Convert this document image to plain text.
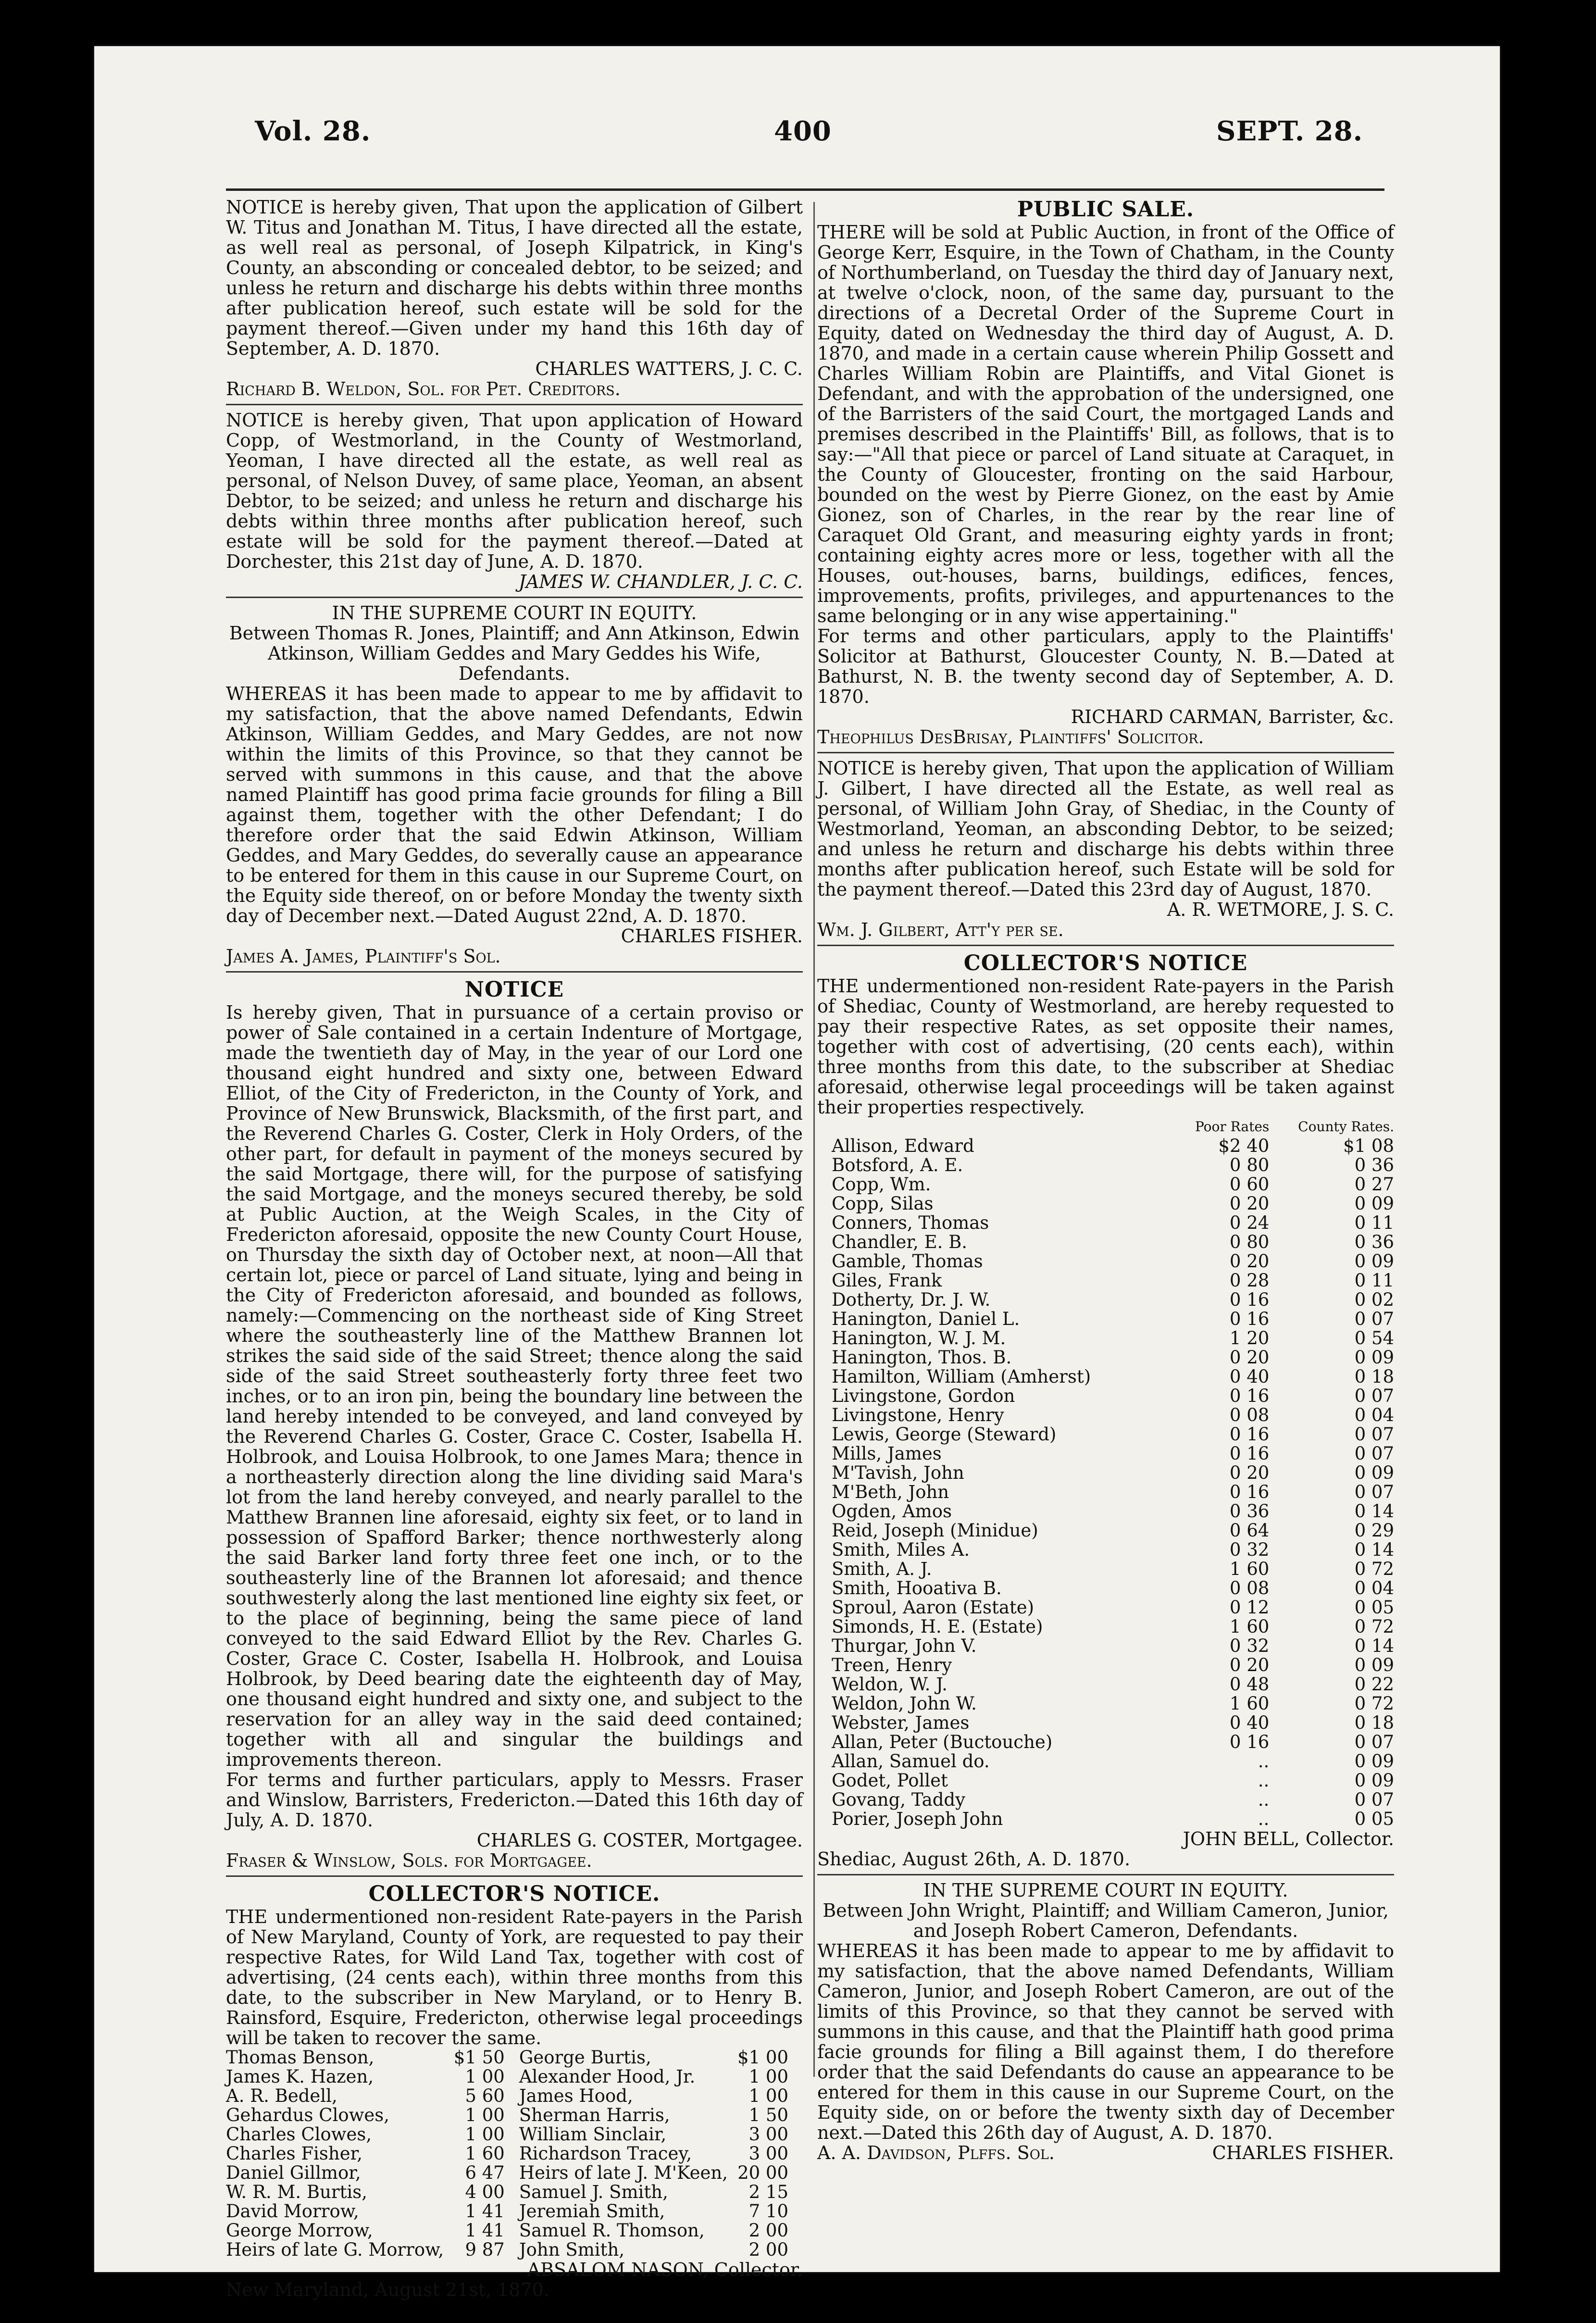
Vol. 28.	400	SEPT. 28.

NOTICE is hereby given, That upon the application of Gilbert W. Titus and Jonathan M. Titus, I have directed all the estate, as well real as personal, of Joseph Kilpatrick, in King's County, an absconding or concealed debtor, to be seized; and unless he return and discharge his debts within three months after publication hereof, such estate will be sold for the payment thereof.—Given under my hand this 16th day of September, A. D. 1870.

CHARLES WATTERS, J. C. C.

Richard B. Weldon, Sol. for Pet. Creditors.

NOTICE is hereby given, That upon application of Howard Copp, of Westmorland, in the County of Westmorland, Yeoman, I have directed all the estate, as well real as personal, of Nelson Duvey, of same place, Yeoman, an absent Debtor, to be seized; and unless he return and discharge his debts within three months after publication hereof, such estate will be sold for the payment thereof.—Dated at Dorchester, this 21st day of June, A. D. 1870.

JAMES W. CHANDLER, J. C. C.

IN THE SUPREME COURT IN EQUITY.

Between Thomas R. Jones, Plaintiff; and Ann Atkinson, Edwin Atkinson, William Geddes and Mary Geddes his Wife, Defendants.

WHEREAS it has been made to appear to me by affidavit to my satisfaction, that the above named Defendants, Edwin Atkinson, William Geddes, and Mary Geddes, are not now within the limits of this Province, so that they cannot be served with summons in this cause, and that the above named Plaintiff has good prima facie grounds for filing a Bill against them, together with the other Defendant; I do therefore order that the said Edwin Atkinson, William Geddes, and Mary Geddes, do severally cause an appearance to be entered for them in this cause in our Supreme Court, on the Equity side thereof, on or before Monday the twenty sixth day of December next.—Dated August 22nd, A. D. 1870.

CHARLES FISHER.

James A. James, Plaintiff's Sol.

NOTICE

Is hereby given, That in pursuance of a certain proviso or power of Sale contained in a certain Indenture of Mortgage, made the twentieth day of May, in the year of our Lord one thousand eight hundred and sixty one, between Edward Elliot, of the City of Fredericton, in the County of York, and Province of New Brunswick, Blacksmith, of the first part, and the Reverend Charles G. Coster, Clerk in Holy Orders, of the other part, for default in payment of the moneys secured by the said Mortgage, there will, for the purpose of satisfying the said Mortgage, and the moneys secured thereby, be sold at Public Auction, at the Weigh Scales, in the City of Fredericton aforesaid, opposite the new County Court House, on Thursday the sixth day of October next, at noon—All that certain lot, piece or parcel of Land situate, lying and being in the City of Fredericton aforesaid, and bounded as follows, namely:—Commencing on the northeast side of King Street where the southeasterly line of the Matthew Brannen lot strikes the said side of the said Street; thence along the said side of the said Street southeasterly forty three feet two inches, or to an iron pin, being the boundary line between the land hereby intended to be conveyed, and land conveyed by the Reverend Charles G. Coster, Grace C. Coster, Isabella H. Holbrook, and Louisa Holbrook, to one James Mara; thence in a northeasterly direction along the line dividing said Mara's lot from the land hereby conveyed, and nearly parallel to the Matthew Brannen line aforesaid, eighty six feet, or to land in possession of Spafford Barker; thence northwesterly along the said Barker land forty three feet one inch, or to the southeasterly line of the Brannen lot aforesaid; and thence southwesterly along the last mentioned line eighty six feet, or to the place of beginning, being the same piece of land conveyed to the said Edward Elliot by the Rev. Charles G. Coster, Grace C. Coster, Isabella H. Holbrook, and Louisa Holbrook, by Deed bearing date the eighteenth day of May, one thousand eight hundred and sixty one, and subject to the reservation for an alley way in the said deed contained; together with all and singular the buildings and improvements thereon.

For terms and further particulars, apply to Messrs. Fraser and Winslow, Barristers, Fredericton.—Dated this 16th day of July, A. D. 1870.

CHARLES G. COSTER, Mortgagee.

Fraser & Winslow, Sols. for Mortgagee.

COLLECTOR'S NOTICE.

THE undermentioned non-resident Rate-payers in the Parish of New Maryland, County of York, are requested to pay their respective Rates, for Wild Land Tax, together with cost of advertising, (24 cents each), within three months from this date, to the subscriber in New Maryland, or to Henry B. Rainsford, Esquire, Fredericton, otherwise legal proceedings will be taken to recover the same.

Thomas Benson,	$1 50	George Burtis,	$1 00
James K. Hazen,	1 00	Alexander Hood, Jr.	1 00
A. R. Bedell,	5 60	James Hood,	1 00
Gehardus Clowes,	1 00	Sherman Harris,	1 50
Charles Clowes,	1 00	William Sinclair,	3 00
Charles Fisher,	1 60	Richardson Tracey,	3 00
Daniel Gillmor,	6 47	Heirs of late J. M'Keen,	20 00
W. R. M. Burtis,	4 00	Samuel J. Smith,	2 15
David Morrow,	1 41	Jeremiah Smith,	7 10
George Morrow,	1 41	Samuel R. Thomson,	2 00
Heirs of late G. Morrow,	9 87	John Smith,	2 00

ABSALOM NASON, Collector.

New Maryland, August 21st, 1870.

PUBLIC SALE.

THERE will be sold at Public Auction, in front of the Office of George Kerr, Esquire, in the Town of Chatham, in the County of Northumberland, on Tuesday the third day of January next, at twelve o'clock, noon, of the same day, pursuant to the directions of a Decretal Order of the Supreme Court in Equity, dated on Wednesday the third day of August, A. D. 1870, and made in a certain cause wherein Philip Gossett and Charles William Robin are Plaintiffs, and Vital Gionet is Defendant, and with the approbation of the undersigned, one of the Barristers of the said Court, the mortgaged Lands and premises described in the Plaintiffs' Bill, as follows, that is to say:—"All that piece or parcel of Land situate at Caraquet, in the County of Gloucester, fronting on the said Harbour, bounded on the west by Pierre Gionez, on the east by Amie Gionez, son of Charles, in the rear by the rear line of Caraquet Old Grant, and measuring eighty yards in front; containing eighty acres more or less, together with all the Houses, out-houses, barns, buildings, edifices, fences, improvements, profits, privileges, and appurtenances to the same belonging or in any wise appertaining."

For terms and other particulars, apply to the Plaintiffs' Solicitor at Bathurst, Gloucester County, N. B.—Dated at Bathurst, N. B. the twenty second day of September, A. D. 1870.

RICHARD CARMAN, Barrister, &c.

Theophilus DesBrisay, Plaintiffs' Solicitor.

NOTICE is hereby given, That upon the application of William J. Gilbert, I have directed all the Estate, as well real as personal, of William John Gray, of Shediac, in the County of Westmorland, Yeoman, an absconding Debtor, to be seized; and unless he return and discharge his debts within three months after publication hereof, such Estate will be sold for the payment thereof.—Dated this 23rd day of August, 1870.

A. R. WETMORE, J. S. C.

Wm. J. Gilbert, Att'y per se.

COLLECTOR'S NOTICE

THE undermentioned non-resident Rate-payers in the Parish of Shediac, County of Westmorland, are hereby requested to pay their respective Rates, as set opposite their names, together with cost of advertising, (20 cents each), within three months from this date, to the subscriber at Shediac aforesaid, otherwise legal proceedings will be taken against their properties respectively.

	Poor Rates	County Rates.
Allison, Edward	$2 40	$1 08
Botsford, A. E.	0 80	0 36
Copp, Wm.	0 60	0 27
Copp, Silas	0 20	0 09
Conners, Thomas	0 24	0 11
Chandler, E. B.	0 80	0 36
Gamble, Thomas	0 20	0 09
Giles, Frank	0 28	0 11
Dotherty, Dr. J. W.	0 16	0 02
Hanington, Daniel L.	0 16	0 07
Hanington, W. J. M.	1 20	0 54
Hanington, Thos. B.	0 20	0 09
Hamilton, William (Amherst)	0 40	0 18
Livingstone, Gordon	0 16	0 07
Livingstone, Henry	0 08	0 04
Lewis, George (Steward)	0 16	0 07
Mills, James	0 16	0 07
M'Tavish, John	0 20	0 09
M'Beth, John	0 16	0 07
Ogden, Amos	0 36	0 14
Reid, Joseph (Minidue)	0 64	0 29
Smith, Miles A.	0 32	0 14
Smith, A. J.	1 60	0 72
Smith, Hooativa B.	0 08	0 04
Sproul, Aaron (Estate)	0 12	0 05
Simonds, H. E. (Estate)	1 60	0 72
Thurgar, John V.	0 32	0 14
Treen, Henry	0 20	0 09
Weldon, W. J.	0 48	0 22
Weldon, John W.	1 60	0 72
Webster, James	0 40	0 18
Allan, Peter (Buctouche)	0 16	0 07
Allan, Samuel do.	..	0 09
Godet, Pollet	..	0 09
Govang, Taddy	..	0 07
Porier, Joseph John	..	0 05

JOHN BELL, Collector.

Shediac, August 26th, A. D. 1870.

IN THE SUPREME COURT IN EQUITY.

Between John Wright, Plaintiff; and William Cameron, Junior, and Joseph Robert Cameron, Defendants.

WHEREAS it has been made to appear to me by affidavit to my satisfaction, that the above named Defendants, William Cameron, Junior, and Joseph Robert Cameron, are out of the limits of this Province, so that they cannot be served with summons in this cause, and that the Plaintiff hath good prima facie grounds for filing a Bill against them, I do therefore order that the said Defendants do cause an appearance to be entered for them in this cause in our Supreme Court, on the Equity side, on or before the twenty sixth day of December next.—Dated this 26th day of August, A. D. 1870.

A. A. Davidson, Plffs. Sol.	CHARLES FISHER.
